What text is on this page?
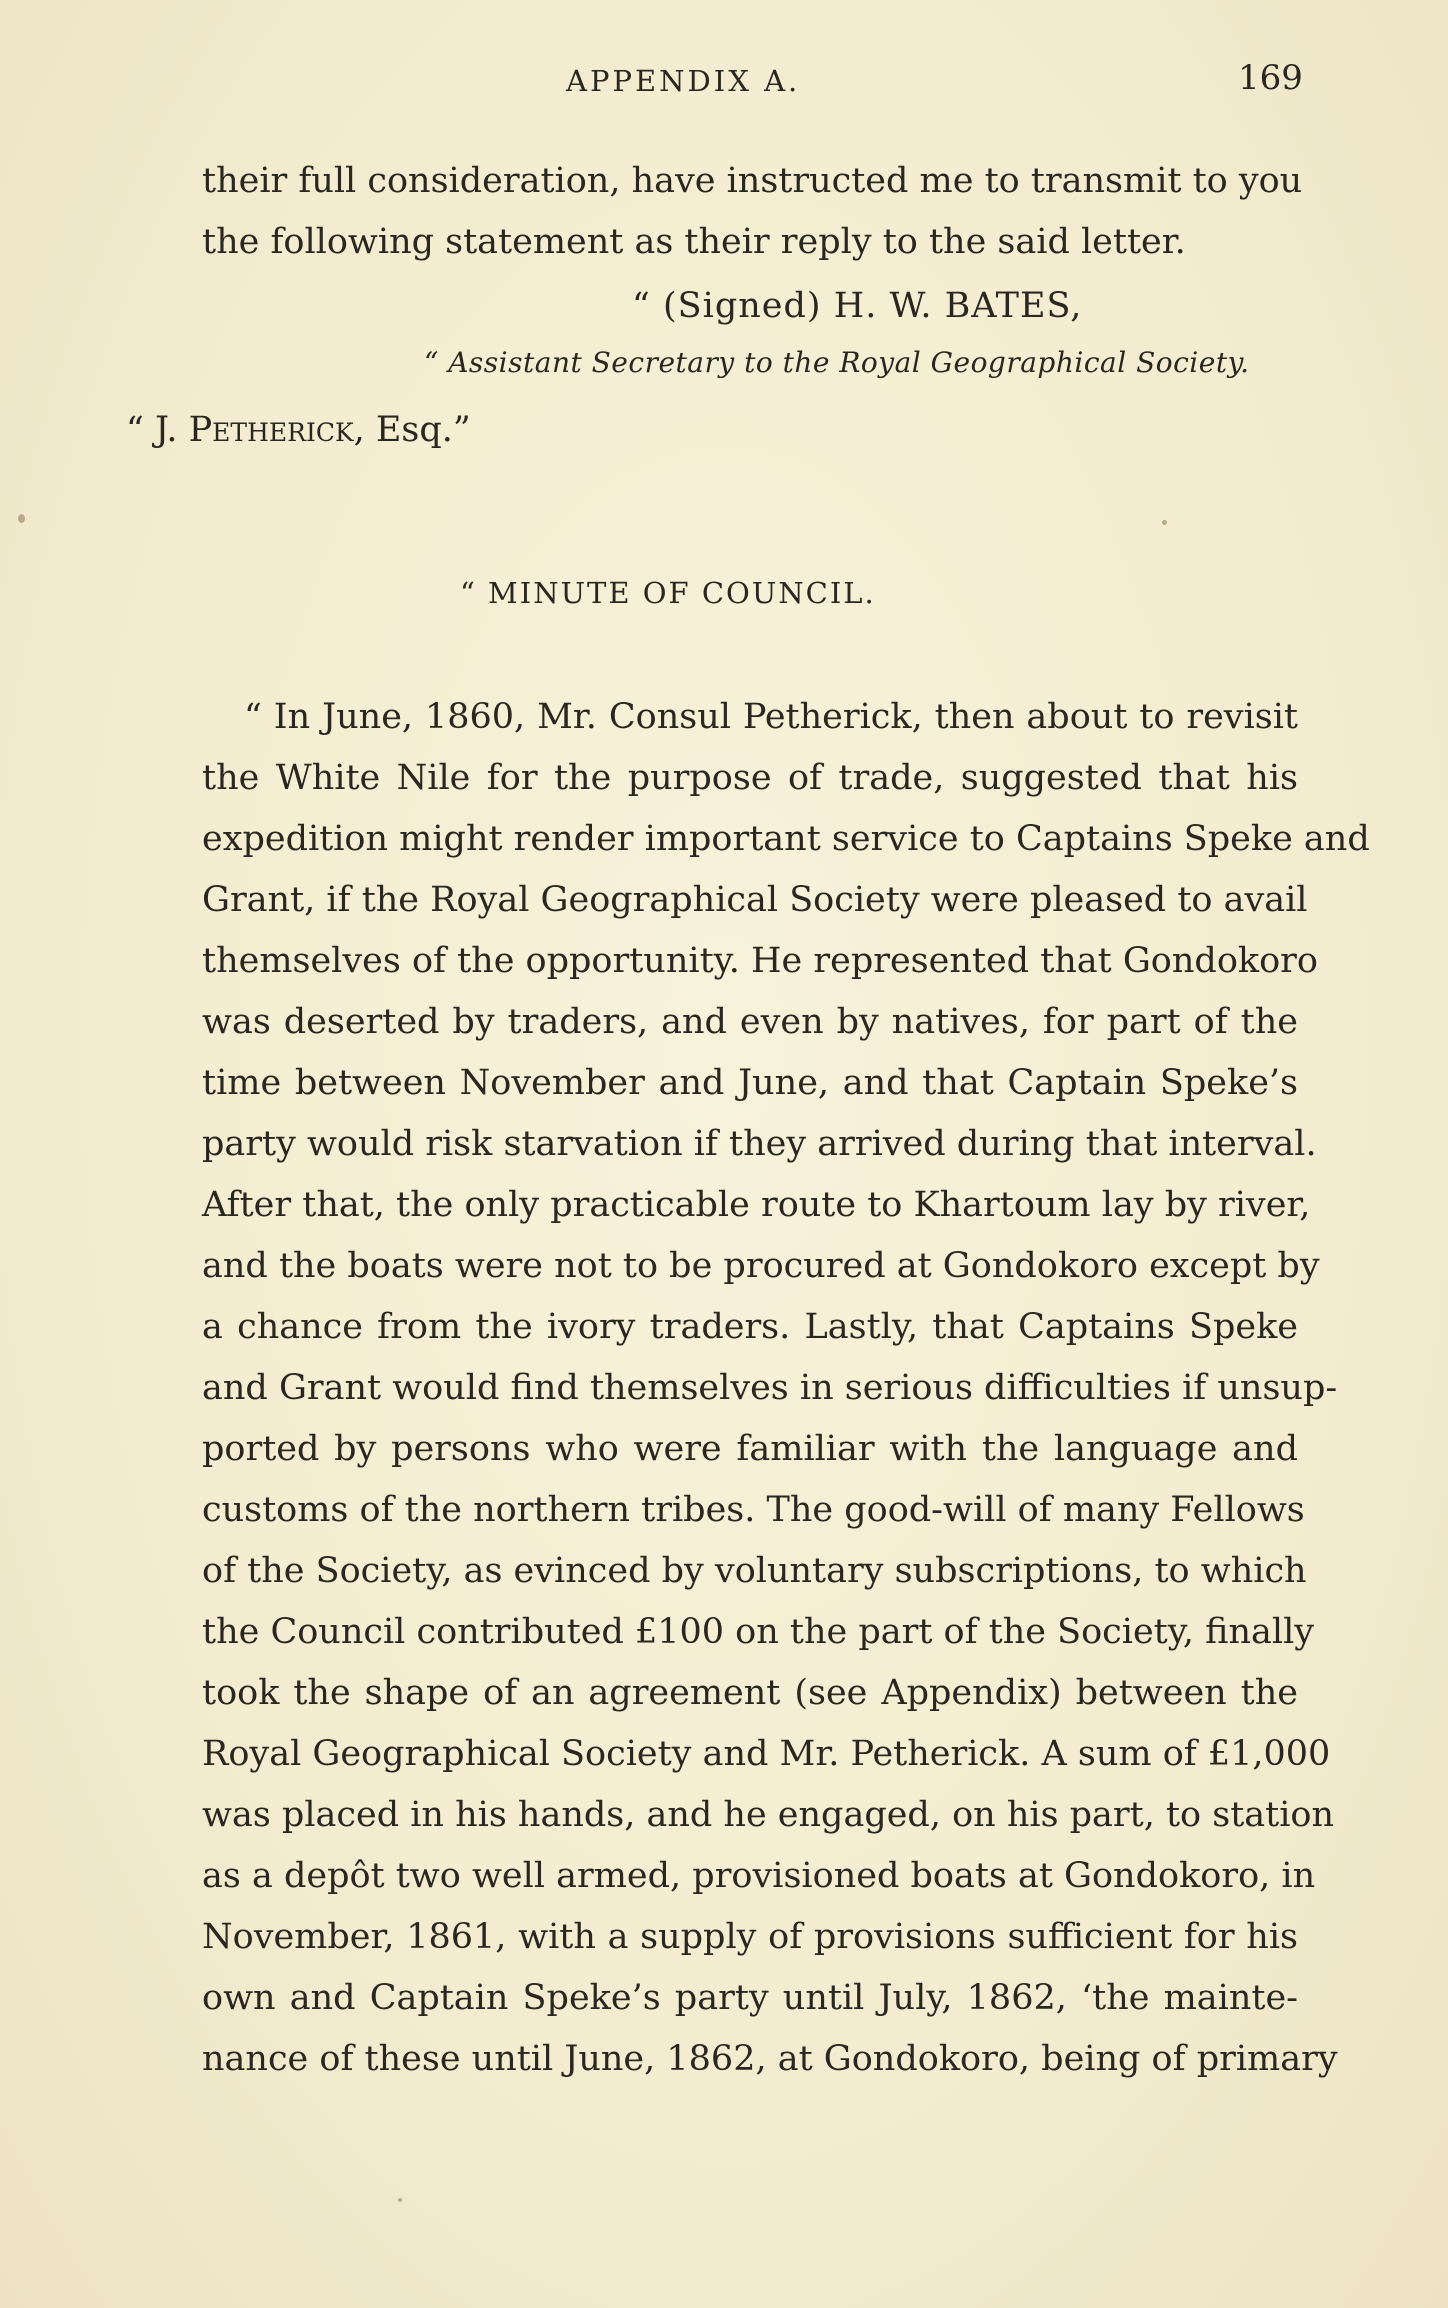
APPENDIX A.	169
their full consideration, have instructed me to transmit to you
the following statement as their reply to the said letter.
“ (Signed) H. W. BATES,
“ Assistant Secretary to the Royal Geographical Society.
“ J. Petherick, Esq.”
“ MINUTE OF COUNCIL.
“ In June, 1860, Mr. Consul Petherick, then about to revisit
the White Nile for the purpose of trade, suggested that his
expedition might render important service to Captains Speke and
Grant, if the Royal Geographical Society were pleased to avail
themselves of the opportunity. He represented that Gondokoro
was deserted by traders, and even by natives, for part of the
time between November and June, and that Captain Speke’s
party would risk starvation if they arrived during that interval.
After that, the only practicable route to Khartoum lay by river,
and the boats were not to be procured at Gondokoro except by
a chance from the ivory traders. Lastly, that Captains Speke
and Grant would find themselves in serious difficulties if unsup-
ported by persons who were familiar with the language and
customs of the northern tribes. The good-will of many Fellows
of the Society, as evinced by voluntary subscriptions, to which
the Council contributed £100 on the part of the Society, finally
took the shape of an agreement (see Appendix) between the
Royal Geographical Society and Mr. Petherick. A sum of £1,000
was placed in his hands, and he engaged, on his part, to station
as a depôt two well armed, provisioned boats at Gondokoro, in
November, 1861, with a supply of provisions sufficient for his
own and Captain Speke’s party until July, 1862, ‘the mainte-
nance of these until June, 1862, at Gondokoro, being of primary
